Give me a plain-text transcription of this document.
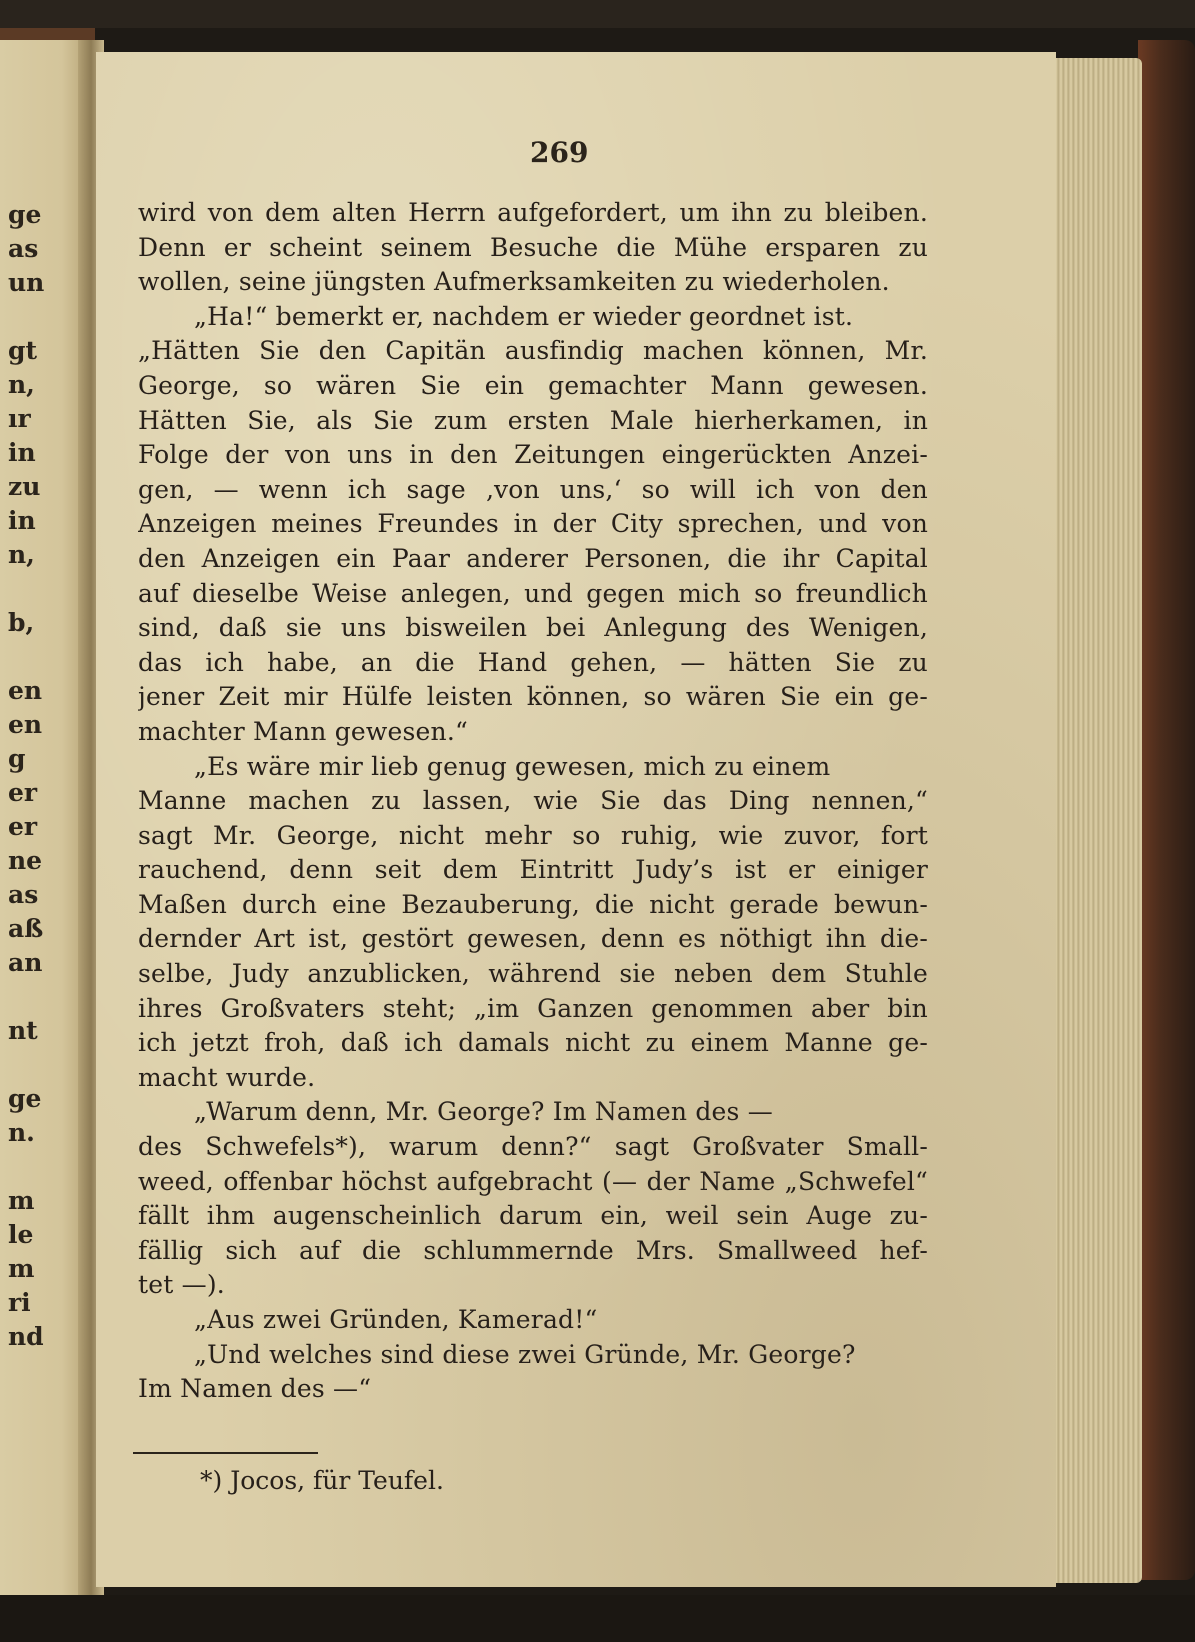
ge
as
un
gt
n,
ır
in
zu
in
n,
b,
en
en
g
er
er
ne
as
aß
an
nt
ge
n.
m
le
m
ri
nd
269
wird von dem alten Herrn aufgefordert, um ihn zu bleiben.
Denn er scheint seinem Besuche die Mühe ersparen zu
wollen, seine jüngsten Aufmerksamkeiten zu wiederholen.
„Ha!“ bemerkt er, nachdem er wieder geordnet ist.
„Hätten Sie den Capitän ausfindig machen können, Mr.
George, so wären Sie ein gemachter Mann gewesen.
Hätten Sie, als Sie zum ersten Male hierherkamen, in
Folge der von uns in den Zeitungen eingerückten Anzei-
gen, — wenn ich sage ‚von uns,‘ so will ich von den
Anzeigen meines Freundes in der City sprechen, und von
den Anzeigen ein Paar anderer Personen, die ihr Capital
auf dieselbe Weise anlegen, und gegen mich so freundlich
sind, daß sie uns bisweilen bei Anlegung des Wenigen,
das ich habe, an die Hand gehen, — hätten Sie zu
jener Zeit mir Hülfe leisten können, so wären Sie ein ge-
machter Mann gewesen.“
„Es wäre mir lieb genug gewesen, mich zu einem
Manne machen zu lassen, wie Sie das Ding nennen,“
sagt Mr. George, nicht mehr so ruhig, wie zuvor, fort
rauchend, denn seit dem Eintritt Judy’s ist er einiger
Maßen durch eine Bezauberung, die nicht gerade bewun-
dernder Art ist, gestört gewesen, denn es nöthigt ihn die-
selbe, Judy anzublicken, während sie neben dem Stuhle
ihres Großvaters steht; „im Ganzen genommen aber bin
ich jetzt froh, daß ich damals nicht zu einem Manne ge-
macht wurde.
„Warum denn, Mr. George? Im Namen des —
des Schwefels*), warum denn?“ sagt Großvater Small-
weed, offenbar höchst aufgebracht (— der Name „Schwefel“
fällt ihm augenscheinlich darum ein, weil sein Auge zu-
fällig sich auf die schlummernde Mrs. Smallweed hef-
tet —).
„Aus zwei Gründen, Kamerad!“
„Und welches sind diese zwei Gründe, Mr. George?
Im Namen des —“
*) Jocos, für Teufel.
